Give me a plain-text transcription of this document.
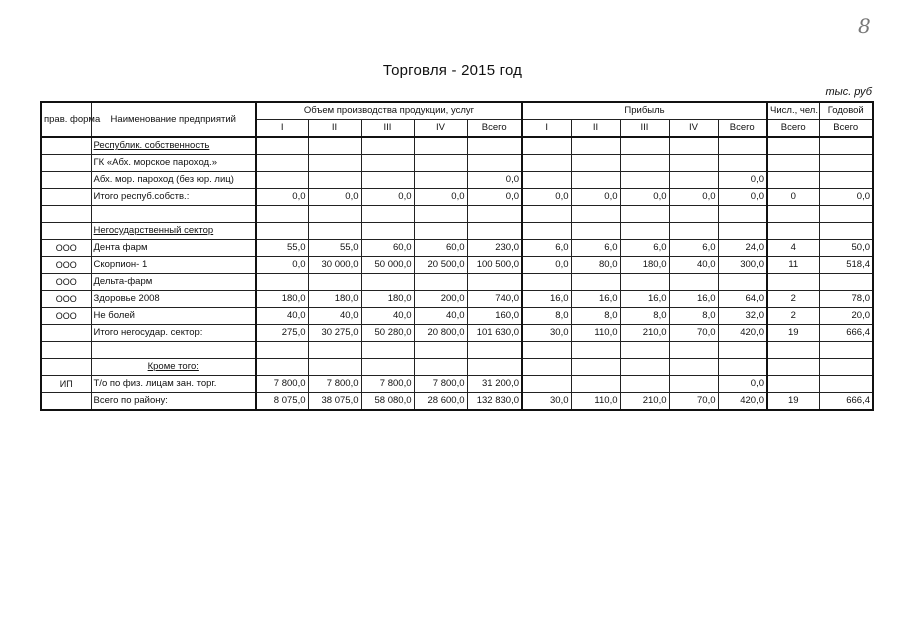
8
Торговля - 2015 год
тыс. руб
прав. форма	Наименование предприятий	Объем производства продукции, услуг					Прибыль					Числ., чел.	Годовой
		I	II	III	IV	Всего	I	II	III	IV	Всего	Всего	Всего
	Республик. собственность												
	ГК «Абх. морское пароход.»												
	Абх. мор. пароход (без юр. лиц)					0,0					0,0		
	Итого респуб.собств.:	0,0	0,0	0,0	0,0	0,0	0,0	0,0	0,0	0,0	0,0	0	0,0

	Негосударственный сектор												
ООО	Дента фарм	55,0	55,0	60,0	60,0	230,0	6,0	6,0	6,0	6,0	24,0	4	50,0
ООО	Скорпион- 1	0,0	30 000,0	50 000,0	20 500,0	100 500,0	0,0	80,0	180,0	40,0	300,0	11	518,4
ООО	Дельта-фарм												
ООО	Здоровье 2008	180,0	180,0	180,0	200,0	740,0	16,0	16,0	16,0	16,0	64,0	2	78,0
ООО	Не болей	40,0	40,0	40,0	40,0	160,0	8,0	8,0	8,0	8,0	32,0	2	20,0
	Итого негосудар. сектор:	275,0	30 275,0	50 280,0	20 800,0	101 630,0	30,0	110,0	210,0	70,0	420,0	19	666,4

	Кроме того:												
ИП	Т/о по физ. лицам зан. торг.	7 800,0	7 800,0	7 800,0	7 800,0	31 200,0					0,0		
	Всего по району:	8 075,0	38 075,0	58 080,0	28 600,0	132 830,0	30,0	110,0	210,0	70,0	420,0	19	666,4
